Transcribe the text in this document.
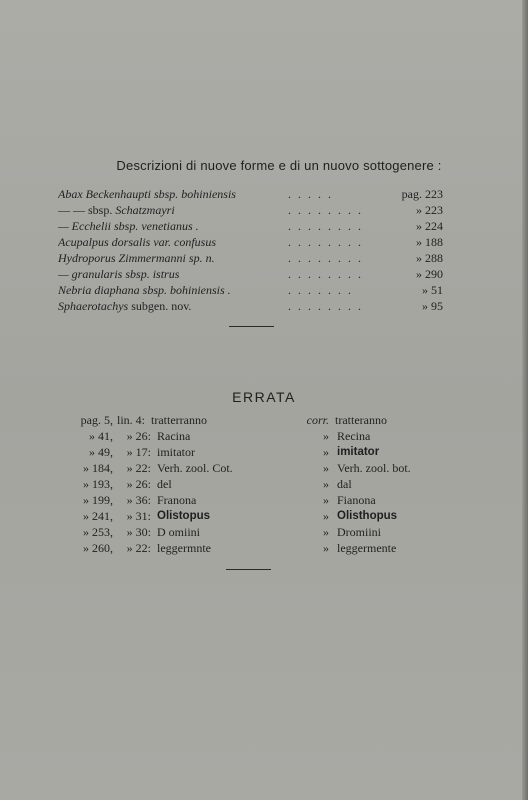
Descrizioni di nuove forme e di un nuovo sottogenere :
Abax Beckenhaupti sbsp. bohiniensis	.....	pag. 223
— — sbsp. Schatzmayri	........	» 223
— Ecchelii sbsp. venetianus .	........	» 224
Acupalpus dorsalis var. confusus	........	» 188
Hydroporus Zimmermanni sp. n.	........	» 288
— granularis sbsp. istrus	........	» 290
Nebria diaphana sbsp. bohiniensis .	.......	» 51
Sphaerotachys subgen. nov.	........	» 95
ERRATA
pag. 5, lin. 4: tratterranno	corr. tratteranno
» 41,	» 26: Racina	» Recina
» 49,	» 17: imitator	» imitator
» 184,	» 22: Verh. zool. Cot.	» Verh. zool. bot.
» 193,	» 26: del	» dal
» 199,	» 36: Franona	» Fianona
» 241,	» 31: Olistopus	» Olisthopus
» 253,	» 30: D omiini	» Dromiini
» 260,	» 22: leggermnte	» leggermente
